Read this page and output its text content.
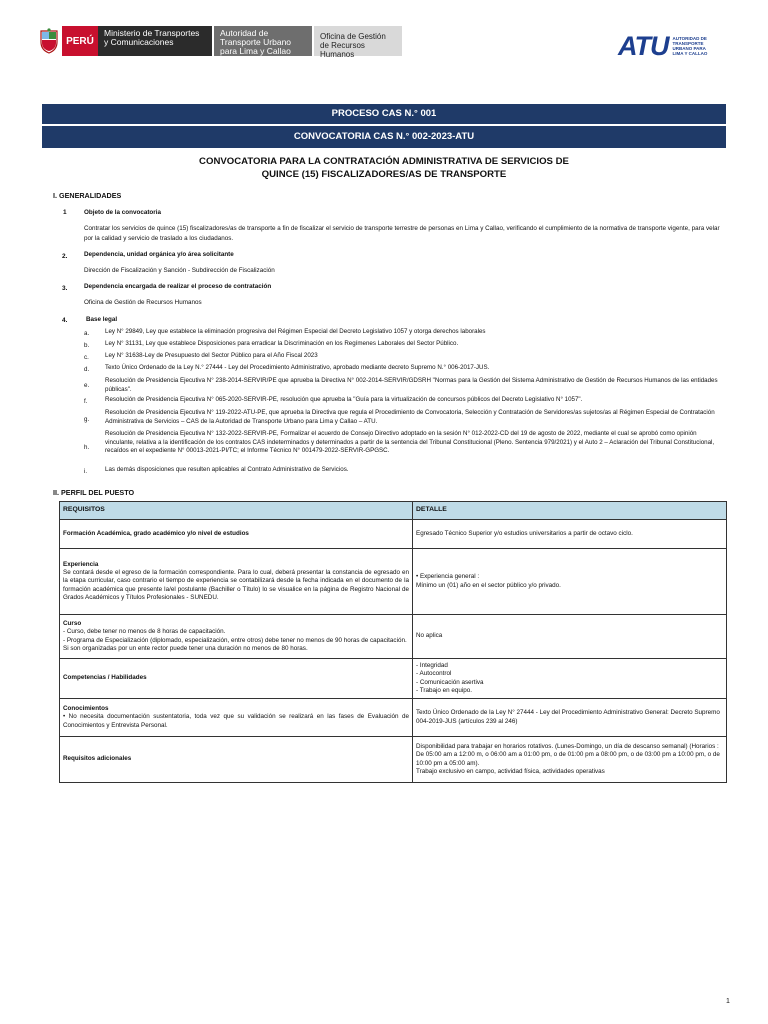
PERÚ
Ministerio de Transportes y Comunicaciones
Autoridad de Transporte Urbano para Lima y Callao
Oficina de Gestión de Recursos Humanos	ATU AUTORIDAD DE TRANSPORTE URBANO PARA LIMA Y CALLAO
PROCESO CAS N.° 001
CONVOCATORIA CAS N.° 002-2023-ATU
CONVOCATORIA PARA LA CONTRATACIÓN ADMINISTRATIVA DE SERVICIOS DE
QUINCE (15) FISCALIZADORES/AS DE TRANSPORTE
I. GENERALIDADES
1	Objeto de la convocatoria
Contratar los servicios de quince (15) fiscalizadores/as de transporte a fin de fiscalizar el servicio de transporte terrestre de personas en Lima y Callao, verificando el cumplimiento de la normativa de transporte vigente, para velar por la calidad y servicio de traslado a los ciudadanos.
2.	Dependencia, unidad orgánica y/o área solicitante
Dirección de Fiscalización y Sanción - Subdirección de Fiscalización
3.	Dependencia encargada de realizar el proceso de contratación
Oficina de Gestión de Recursos Humanos
4.	Base legal
a.	Ley N° 29849, Ley que establece la eliminación progresiva del Régimen Especial del Decreto Legislativo 1057 y otorga derechos laborales
b.	Ley N° 31131, Ley que establece Disposiciones para erradicar la Discriminación en los Regímenes Laborales del Sector Público.
c.	Ley N° 31638-Ley de Presupuesto del Sector Público para el Año Fiscal 2023
d.	Texto Único Ordenado de la Ley N.° 27444 - Ley del Procedimiento Administrativo, aprobado mediante decreto Supremo N.° 006-2017-JUS.
e.
Resolución de Presidencia Ejecutiva N° 238-2014-SERVIR/PE que aprueba la Directiva N° 002-2014-SERVIR/GDSRH "Normas para la Gestión del Sistema Administrativo de Gestión de Recursos Humanos de las entidades públicas".
f.	Resolución de Presidencia Ejecutiva N° 065-2020-SERVIR-PE, resolución que aprueba la "Guía para la virtualización de concursos públicos del Decreto Legislativo N° 1057".
g.
Resolución de Presidencia Ejecutiva N° 119-2022-ATU-PE, que aprueba la Directiva que regula el Procedimiento de Convocatoria, Selección y Contratación de Servidores/as sujetos/as al Régimen Especial de Contratación Administrativa de Servicios – CAS de la Autoridad de Transporte Urbano para Lima y Callao – ATU.
h.
Resolución de Presidencia Ejecutiva N° 132-2022-SERVIR-PE, Formalizar el acuerdo de Consejo Directivo adoptado en la sesión N° 012-2022-CD del 19 de agosto de 2022, mediante el cual se aprobó como opinión vinculante, relativa a la identificación de los contratos CAS indeterminados y determinados a partir de la sentencia del Tribunal Constitucional (Pleno. Sentencia 979/2021) y el Auto 2 – Aclaración del Tribunal Constitucional, recaídos en el expediente N° 00013-2021-PI/TC; el Informe Técnico N° 001479-2022-SERVIR-GPGSC.
i.	Las demás disposiciones que resulten aplicables al Contrato Administrativo de Servicios.
II. PERFIL DEL PUESTO
REQUISITOS	DETALLE
Formación Académica, grado académico y/o nivel de estudios	Egresado Técnico Superior y/o estudios universitarios a partir de octavo ciclo.
Experiencia
Se contará desde el egreso de la formación correspondiente. Para lo cual, deberá presentar la constancia de egresado en la etapa curricular, caso contrario el tiempo de experiencia se contabilizará desde la fecha indicada en el documento de la formación académica que presente la/el postulante (Bachiller o Título) lo se visualice en la página de Registro Nacional de Grados Académicos y Títulos Profesionales - SUNEDU.	• Experiencia general :
Mínimo un (01) año en el sector público y/o privado.
Curso
- Curso, debe tener no menos de 8 horas de capacitación.
- Programa de Especialización (diplomado, especialización, entre otros) debe tener no menos de 90 horas de capacitación. Si son organizadas por un ente rector puede tener una duración no menos de 80 horas.	No aplica
Competencias / Habilidades	- Integridad
- Autocontrol
- Comunicación asertiva
- Trabajo en equipo.
Conocimientos
• No necesita documentación sustentatoria, toda vez que su validación se realizará en las fases de Evaluación de Conocimientos y Entrevista Personal.	Texto Único Ordenado de la Ley N° 27444 - Ley del Procedimiento Administrativo General: Decreto Supremo 004-2019-JUS (artículos 239 al 246)
Requisitos adicionales	Disponibilidad para trabajar en horarios rotativos. (Lunes-Domingo, un día de descanso semanal) (Horarios : De 05:00 am a 12:00 m, o 06:00 am a 01:00 pm, o de 01:00 pm a 08:00 pm, o de 03:00 pm a 10:00 pm, o de 10:00 pm a 05:00 am).
Trabajo exclusivo en campo, actividad física, actividades operativas
1
